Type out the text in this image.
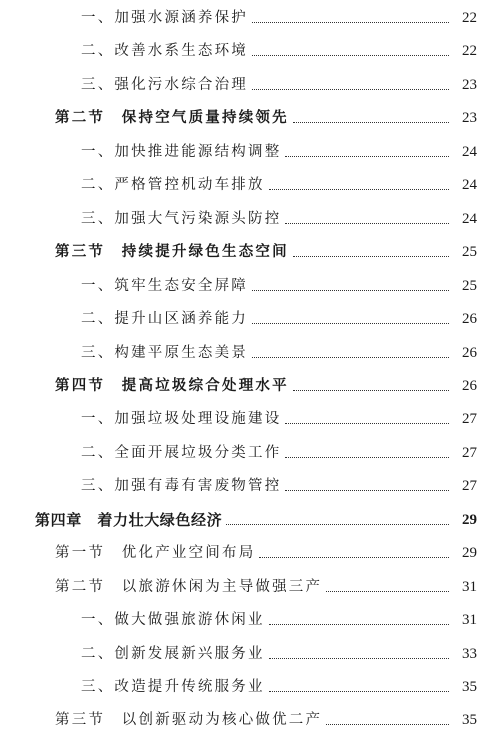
一、加强水源涵养保护	22
二、改善水系生态环境	22
三、强化污水综合治理	23
第二节　保持空气质量持续领先	23
一、加快推进能源结构调整	24
二、严格管控机动车排放	24
三、加强大气污染源头防控	24
第三节　持续提升绿色生态空间	25
一、筑牢生态安全屏障	25
二、提升山区涵养能力	26
三、构建平原生态美景	26
第四节　提高垃圾综合处理水平	26
一、加强垃圾处理设施建设	27
二、全面开展垃圾分类工作	27
三、加强有毒有害废物管控	27
第四章　着力壮大绿色经济	29
第一节　优化产业空间布局	29
第二节　以旅游休闲为主导做强三产	31
一、做大做强旅游休闲业	31
二、创新发展新兴服务业	33
三、改造提升传统服务业	35
第三节　以创新驱动为核心做优二产	35
